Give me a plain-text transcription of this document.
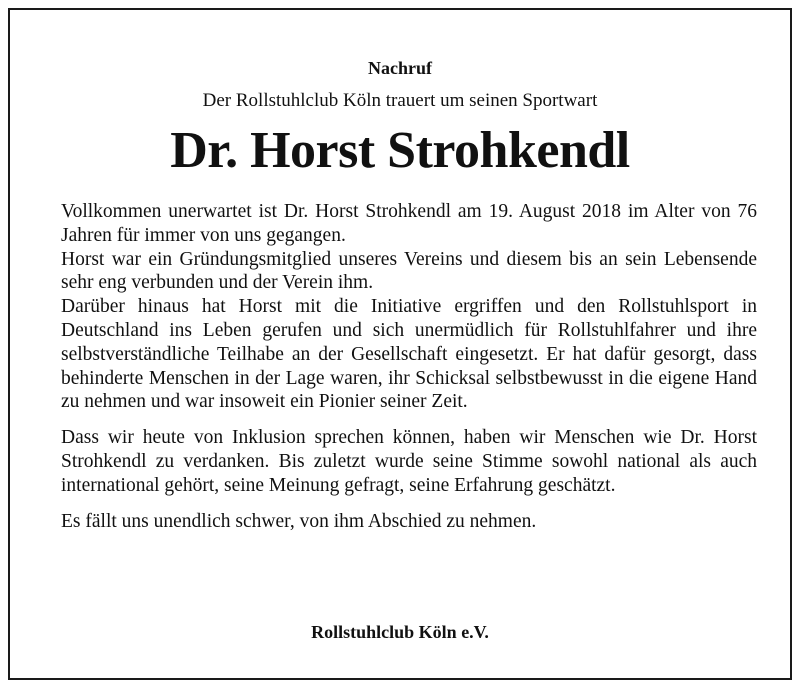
Nachruf
Der Rollstuhlclub Köln trauert um seinen Sportwart
Dr. Horst Strohkendl

Vollkommen unerwartet ist Dr. Horst Strohkendl am 19. August 2018 im Alter von 76 Jahren für immer von uns gegangen.

Horst war ein Gründungsmitglied unseres Vereins und diesem bis an sein Lebensende sehr eng verbunden und der Verein ihm.

Darüber hinaus hat Horst mit die Initiative ergriffen und den Rollstuhlsport in Deutschland ins Leben gerufen und sich unermüdlich für Rollstuhlfahrer und ihre selbstverständliche Teilhabe an der Gesellschaft eingesetzt. Er hat dafür gesorgt, dass behinderte Menschen in der Lage waren, ihr Schicksal selbstbewusst in die eigene Hand zu nehmen und war insoweit ein Pionier seiner Zeit.

Dass wir heute von Inklusion sprechen können, haben wir Menschen wie Dr. Horst Strohkendl zu verdanken. Bis zuletzt wurde seine Stimme sowohl national als auch international gehört, seine Meinung gefragt, seine Erfahrung geschätzt.

Es fällt uns unendlich schwer, von ihm Abschied zu nehmen.

Rollstuhlclub Köln e.V.
